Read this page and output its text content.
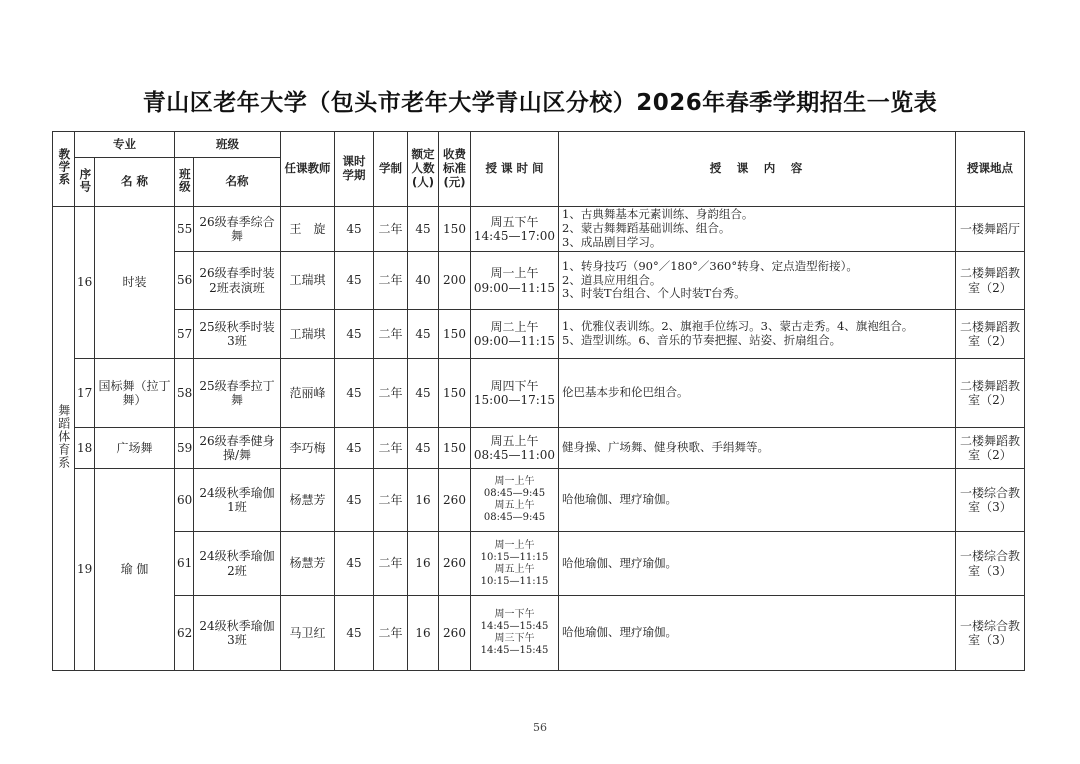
青山区老年大学（包头市老年大学青山区分校）2026年春季学期招生一览表
教学系	专业		班级		任课教师	课时学期	学制	额定人数(人)	收费标准(元)	授 课 时 间	授　课　内　容	授课地点
	序号	名 称	班级	名称								
舞蹈体育系	16	时装	55	26级春季综合舞	王　旋	45	二年	45	150	周五下午
14:45—17:00	1、古典舞基本元素训练、身韵组合。
2、蒙古舞舞蹈基础训练、组合。
3、成品剧目学习。	一楼舞蹈厅
			56	26级春季时装2班表演班	工瑞琪	45	二年	40	200	周一上午
09:00—11:15	1、转身技巧（90°／180°／360°转身、定点造型衔接）。
2、道具应用组合。
3、时装T台组合、个人时装T台秀。	二楼舞蹈教室（2）
			57	25级秋季时装3班	工瑞琪	45	二年	45	150	周二上午
09:00—11:15	1、优雅仪表训练。2、旗袍手位练习。3、蒙古走秀。4、旗袍组合。
5、造型训练。6、音乐的节奏把握、站姿、折扇组合。	二楼舞蹈教室（2）
	17	国标舞（拉丁舞）	58	25级春季拉丁舞	范丽峰	45	二年	45	150	周四下午
15:00—17:15	伦巴基本步和伦巴组合。	二楼舞蹈教室（2）
	18	广场舞	59	26级春季健身操/舞	李巧梅	45	二年	45	150	周五上午
08:45—11:00	健身操、广场舞、健身秧歌、手绢舞等。	二楼舞蹈教室（2）
	19	瑜 伽	60	24级秋季瑜伽1班	杨慧芳	45	二年	16	260	周一上午
08:45—9:45
周五上午
08:45—9:45	哈他瑜伽、理疗瑜伽。	一楼综合教室（3）
			61	24级秋季瑜伽2班	杨慧芳	45	二年	16	260	周一上午
10:15—11:15
周五上午
10:15—11:15	哈他瑜伽、理疗瑜伽。	一楼综合教室（3）
			62	24级秋季瑜伽3班	马卫红	45	二年	16	260	周一下午
14:45—15:45
周三下午
14:45—15:45	哈他瑜伽、理疗瑜伽。	一楼综合教室（3）
56
